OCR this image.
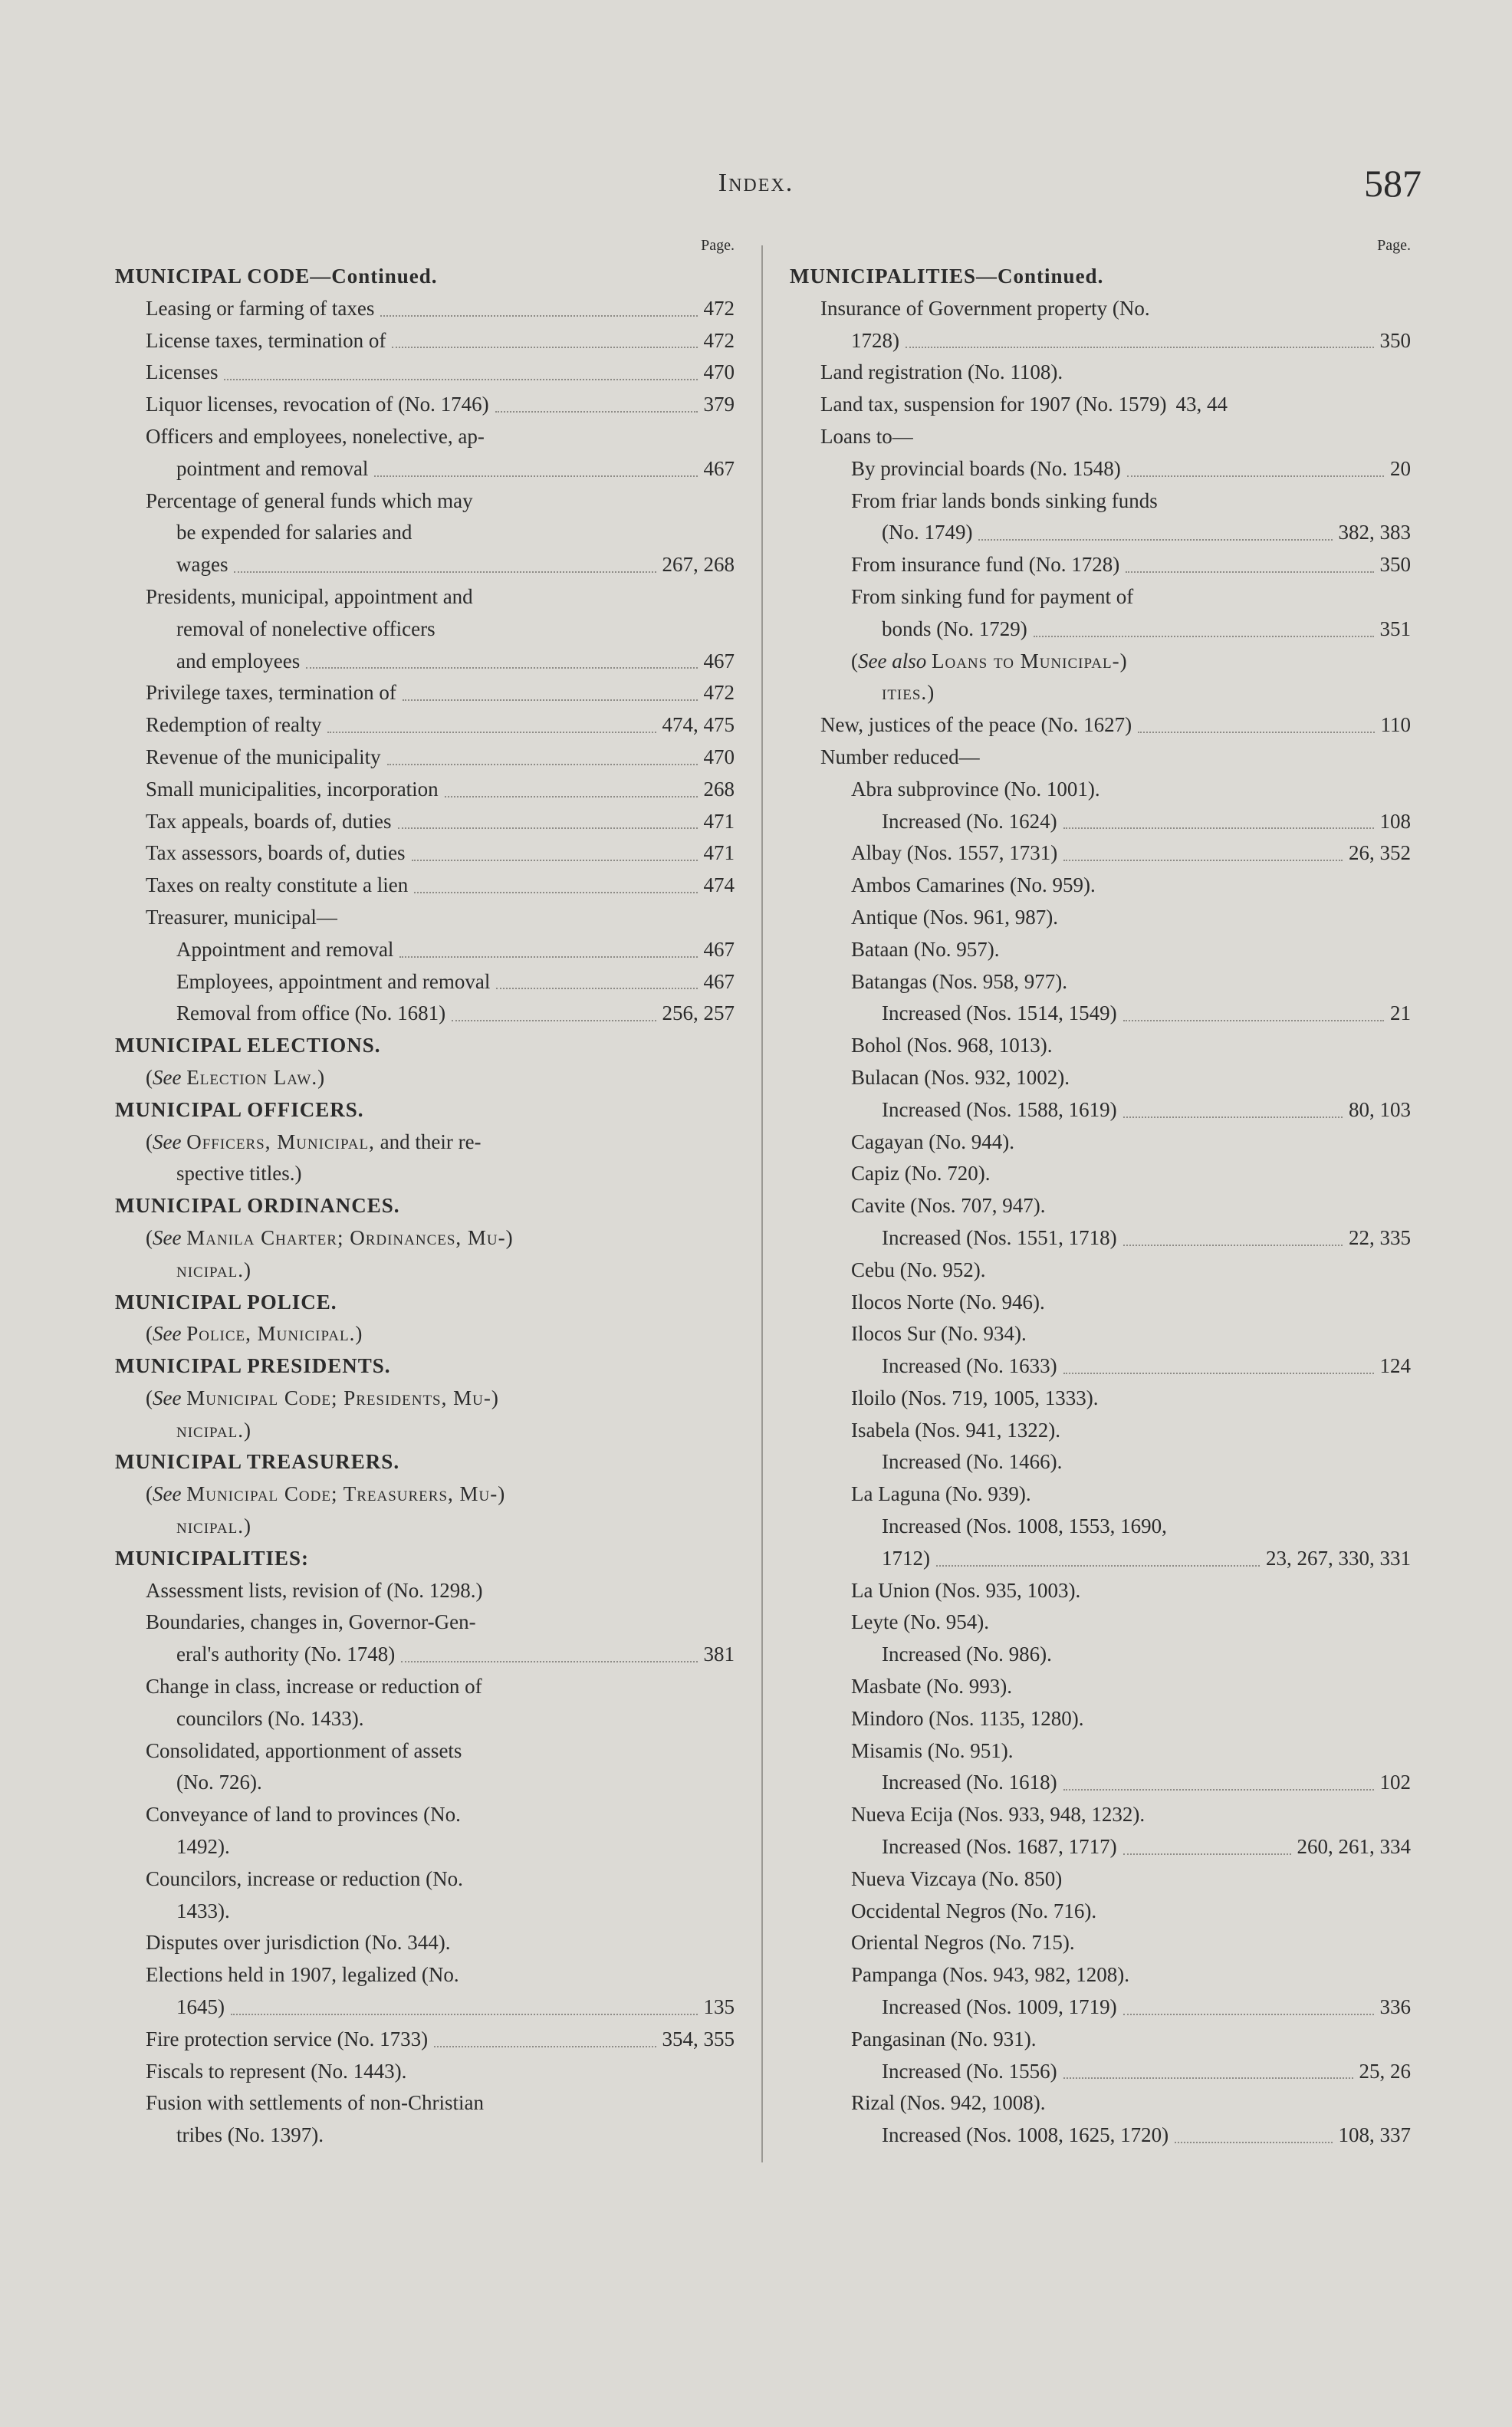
Index.	587
Page.
MUNICIPAL CODE—Continued.
Leasing or farming of taxes	472
License taxes, termination of	472
Licenses	470
Liquor licenses, revocation of (No. 1746)	379
Officers and employees, nonelective, ap-
pointment and removal	467
Percentage of general funds which may
be expended for salaries and
wages	267, 268
Presidents, municipal, appointment and
removal of nonelective officers
and employees	467
Privilege taxes, termination of	472
Redemption of realty	474, 475
Revenue of the municipality	470
Small municipalities, incorporation	268
Tax appeals, boards of, duties	471
Tax assessors, boards of, duties	471
Taxes on realty constitute a lien	474
Treasurer, municipal—
Appointment and removal	467
Employees, appointment and removal	467
Removal from office (No. 1681)	256, 257
MUNICIPAL ELECTIONS.
(See Election Law.)
MUNICIPAL OFFICERS.
(See Officers, Municipal, and their re-
spective titles.)
MUNICIPAL ORDINANCES.
(See Manila Charter; Ordinances, Mu-)
nicipal.)
MUNICIPAL POLICE.
(See Police, Municipal.)
MUNICIPAL PRESIDENTS.
(See Municipal Code; Presidents, Mu-)
nicipal.)
MUNICIPAL TREASURERS.
(See Municipal Code; Treasurers, Mu-)
nicipal.)
MUNICIPALITIES:
Assessment lists, revision of (No. 1298.)
Boundaries, changes in, Governor-Gen-
eral's authority (No. 1748)	381
Change in class, increase or reduction of
councilors (No. 1433).
Consolidated, apportionment of assets
(No. 726).
Conveyance of land to provinces (No.
1492).
Councilors, increase or reduction (No.
1433).
Disputes over jurisdiction (No. 344).
Elections held in 1907, legalized (No.
1645)	135
Fire protection service (No. 1733)	354, 355
Fiscals to represent (No. 1443).
Fusion with settlements of non-Christian
tribes (No. 1397).
Page.
MUNICIPALITIES—Continued.
Insurance of Government property (No.
1728)	350
Land registration (No. 1108).
Land tax, suspension for 1907 (No. 1579) 43, 44
Loans to—
By provincial boards (No. 1548)	20
From friar lands bonds sinking funds
(No. 1749)	382, 383
From insurance fund (No. 1728)	350
From sinking fund for payment of
bonds (No. 1729)	351
(See also Loans to Municipal-)
ities.)
New, justices of the peace (No. 1627)	110
Number reduced—
Abra subprovince (No. 1001).
Increased (No. 1624)	108
Albay (Nos. 1557, 1731)	26, 352
Ambos Camarines (No. 959).
Antique (Nos. 961, 987).
Bataan (No. 957).
Batangas (Nos. 958, 977).
Increased (Nos. 1514, 1549)	21
Bohol (Nos. 968, 1013).
Bulacan (Nos. 932, 1002).
Increased (Nos. 1588, 1619)	80, 103
Cagayan (No. 944).
Capiz (No. 720).
Cavite (Nos. 707, 947).
Increased (Nos. 1551, 1718)	22, 335
Cebu (No. 952).
Ilocos Norte (No. 946).
Ilocos Sur (No. 934).
Increased (No. 1633)	124
Iloilo (Nos. 719, 1005, 1333).
Isabela (Nos. 941, 1322).
Increased (No. 1466).
La Laguna (No. 939).
Increased (Nos. 1008, 1553, 1690,
1712)	23, 267, 330, 331
La Union (Nos. 935, 1003).
Leyte (No. 954).
Increased (No. 986).
Masbate (No. 993).
Mindoro (Nos. 1135, 1280).
Misamis (No. 951).
Increased (No. 1618)	102
Nueva Ecija (Nos. 933, 948, 1232).
Increased (Nos. 1687, 1717)	260, 261, 334
Nueva Vizcaya (No. 850)
Occidental Negros (No. 716).
Oriental Negros (No. 715).
Pampanga (Nos. 943, 982, 1208).
Increased (Nos. 1009, 1719)	336
Pangasinan (No. 931).
Increased (No. 1556)	25, 26
Rizal (Nos. 942, 1008).
Increased (Nos. 1008, 1625, 1720)	108, 337
